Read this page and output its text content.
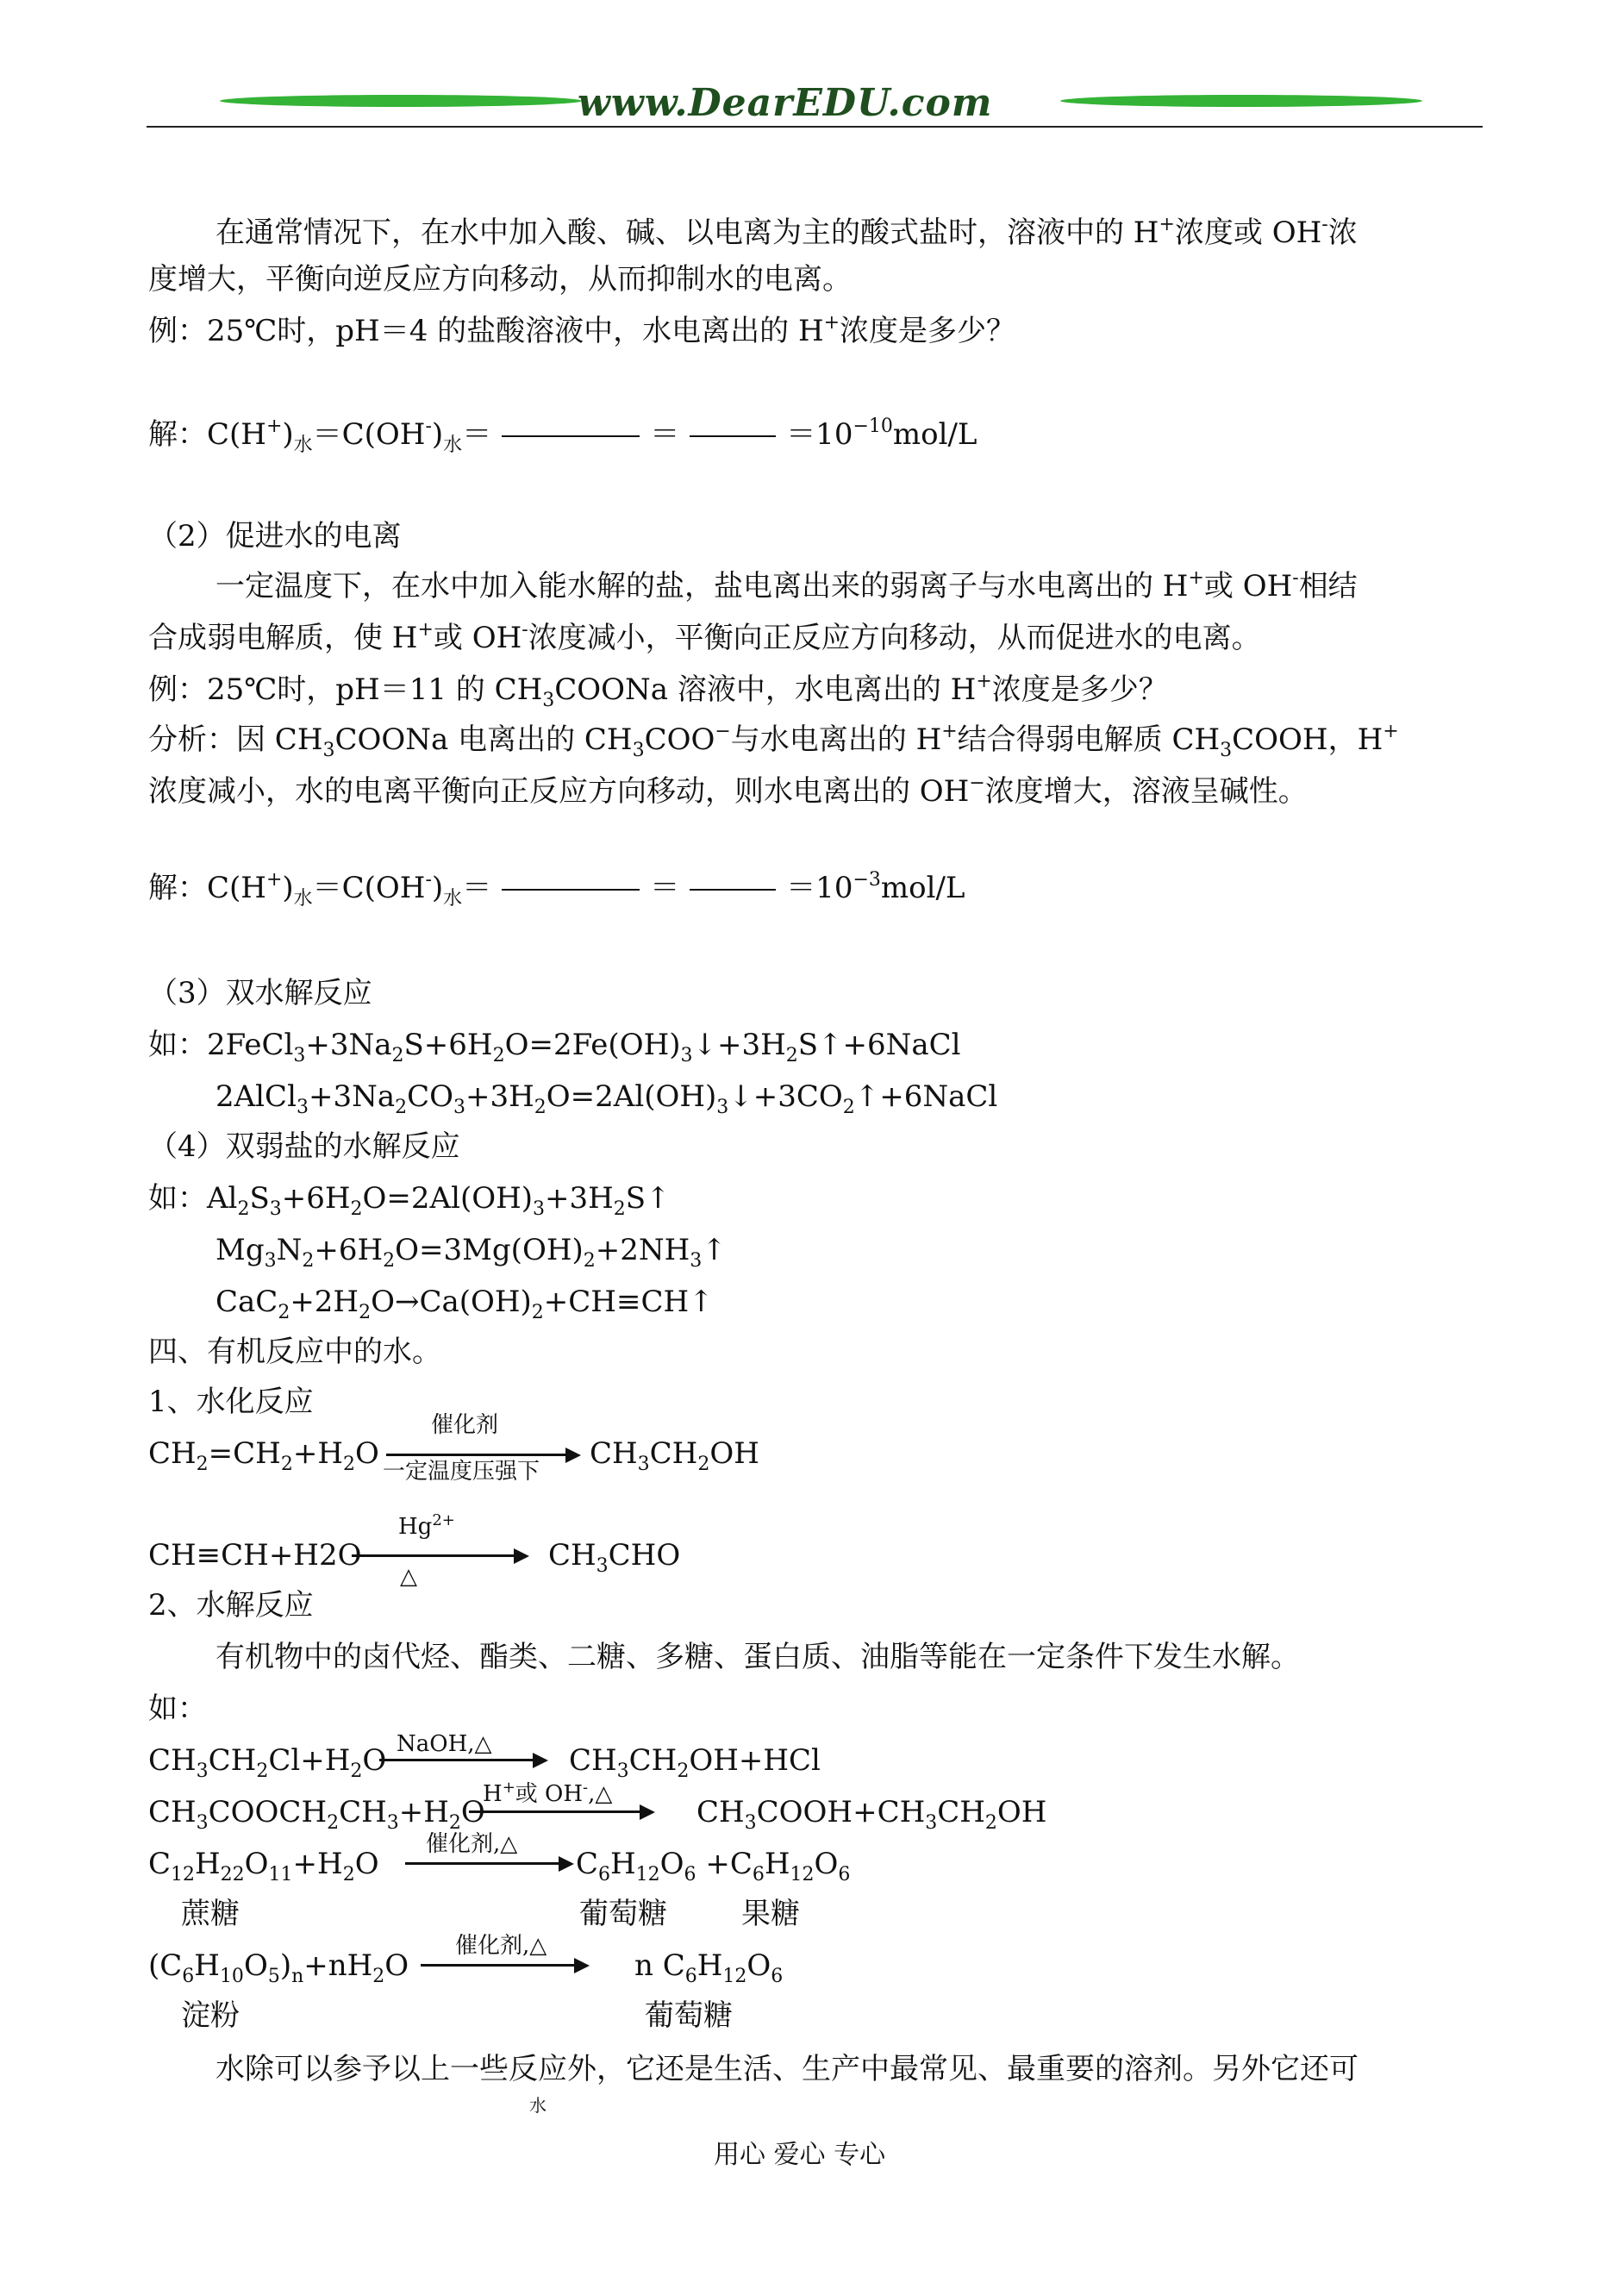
www.DearEDU.com
在通常情况下，在水中加入酸、碱、以电离为主的酸式盐时，溶液中的 H+浓度或 OH-浓
度增大，平衡向逆反应方向移动，从而抑制水的电离。
例：25℃时，pH＝4 的盐酸溶液中，水电离出的 H+浓度是多少？
解：$C(H^+)_水=C(OH^-)_水=$	＝	$=10^{-10}mol/L$
（2）促进水的电离
一定温度下，在水中加入能水解的盐，盐电离出来的弱离子与水电离出的 H+或 OH-相结
合成弱电解质，使 H+或 OH-浓度减小，平衡向正反应方向移动，从而促进水的电离。
例：25℃时，pH＝11 的 $CH_3COONa$ 溶液中，水电离出的 H+浓度是多少？
分析：因 $CH_3COONa$ 电离出的 $CH_3COO^-$与水电离出的 H+结合得弱电解质 $CH_3COOH$，H+
浓度减小，水的电离平衡向正反应方向移动，则水电离出的 OH−浓度增大，溶液呈碱性。
解：$C(H^+)_水=C(OH^-)_水=$	＝	$=10^{-3}mol/L$
（3）双水解反应
如：$2FeCl_3+3Na_2S+6H_2O=2Fe(OH)_3↓+3H_2S↑+6NaCl$
$2AlCl_3+3Na_2CO_3+3H_2O=2Al(OH)_3↓+3CO_2↑+6NaCl$
（4）双弱盐的水解反应
如：$Al_2S_3+6H_2O=2Al(OH)_3+3H_2S↑$
$Mg_3N_2+6H_2O=3Mg(OH)_2+2NH_3↑$
$CaC_2+2H_2O\to Ca(OH)_2+CH\equiv CH↑$
四、有机反应中的水。
1、水化反应
$CH_2=CH_2+H_2O$
催化剂
一定温度压强下
$CH_3CH_2OH$
CH≡CH+H2O
$Hg^{2+}$
△
$CH_3CHO$
2、水解反应
有机物中的卤代烃、酯类、二糖、多糖、蛋白质、油脂等能在一定条件下发生水解。
如：
$CH_3CH_2Cl+H_2O$ NaOH,△	$CH_3CH_2OH+HCl$
$CH_3COOCH_2CH_3+H_2O$
H+或 OH-,△
$CH_3COOH+CH_3CH_2OH$
$C_{12}H_{22}O_{11}+H_2O$
催化剂,△
$C_6H_{12}O_6 +C_6H_{12}O_6$
蔗糖	葡萄糖	果糖
$(C_6H_{10}O_5)_n+nH_2O$
催化剂,△
n $C_6H_{12}O_6$
淀粉	葡萄糖
水除可以参予以上一些反应外，它还是生活、生产中最常见、最重要的溶剂。另外它还可
水
用心 爱心 专心
